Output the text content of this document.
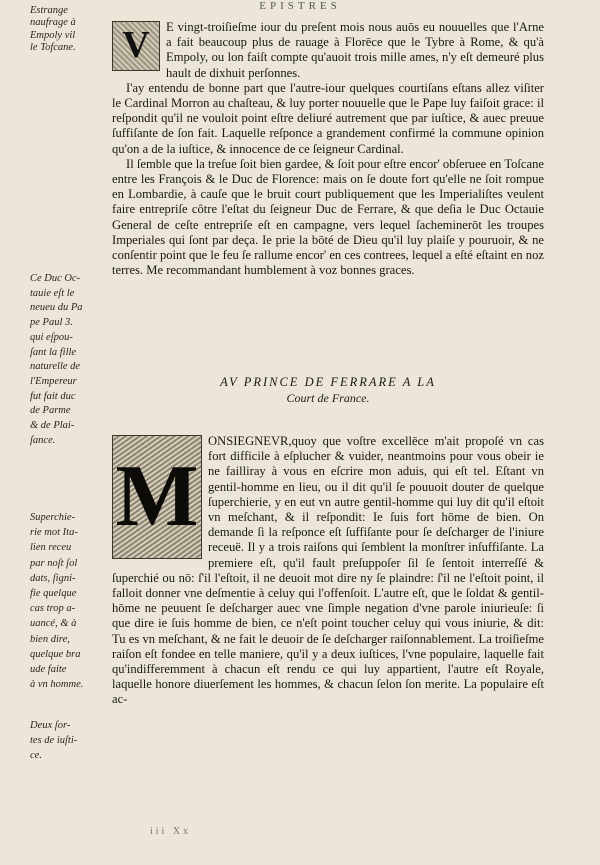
EPISTRES
Estrange
naufrage à
Empoly vil
le Tofcane.
Ce Duc Oc-
tauie eſt le
neueu du Pa
pe Paul 3.
qui eſpou-
ſant la fille
naturelle de
l'Empereur
fut fait duc
de Parme
& de Plai-
ſance.
Superchie-
rie mot Ita-
lien receu
par noſt ſol
dats, ſigni-
fie quelque
cas trop a-
uancé, & à
bien dire,
quelque bra
ude faite
à vn homme.
Deux ſor-
tes de iuſti-
ce.

V	E vingt-troiſieſme iour du preſent mois nous auōs eu nouuelles que l'Arne a fait beaucoup plus de rauage à Florēce que le Tybre à Rome, & qu'à Empoly, ou lon faiſt compte qu'auoit trois mille ames, n'y eſt demeuré plus hault de dixhuit perſonnes.

I'ay entendu de bonne part que l'autre-iour quelques courtiſans eſtans allez viſiter le Cardinal Morron au chaſteau, & luy porter nouuelle que le Pape luy faiſoit grace: il reſpondit qu'il ne vouloit point eſtre deliuré autrement que par iuſtice, & auec preuue ſuffiſante de ſon fait. Laquelle reſponce a grandement confirmé la commune opinion qu'on a de la iuſtice, & innocence de ce ſeigneur Cardinal.

Il ſemble que la treſue ſoit bien gardee, & ſoit pour eſtre encor' obſeruee en Toſcane entre les François & le Duc de Florence: mais on ſe doute fort qu'elle ne ſoit rompue en Lombardie, à cauſe que le bruit court publiquement que les Imperialiſtes veulent faire entrepriſe côtre l'eſtat du ſeigneur Duc de Ferrare, & que deſia le Duc Octauie General de ceſte entrepriſe eſt en campagne, vers lequel ſacheminerōt les troupes Imperiales qui ſont par deça. Ie prie la bōté de Dieu qu'il luy plaiſe y pouruoir, & ne conſentir point que le feu ſe rallume encor' en ces contrees, lequel a eſté eſtaint en noz terres. Me recommandant humblement à voz bonnes graces.

AV PRINCE DE FERRARE A LA
Court de France.

M
ONSIEGNEVR,quoy que voſtre excellēce m'ait propoſé vn cas fort difficile à eſplucher & vuider, neantmoins pour vous obeir ie ne failliray à vous en eſcrire mon aduis, qui eſt tel. Eſtant vn gentil-homme en lieu, ou il dit qu'il ſe pouuoit douter de quelque ſuperchierie, y en eut vn autre gentil-homme qui luy dit qu'il eſtoit vn meſchant, & il reſpondit: Ie ſuis fort hōme de bien. On demande ſi la reſponce eſt ſuffiſante pour ſe deſcharger de l'iniure receuë. Il y a trois raiſons qui ſemblent la monſtrer inſuffiſante. La premiere eſt, qu'il fault preſuppoſer ſil ſe ſentoit interreſſé & ſuperchié ou nō: ſ'il l'eſtoit, il ne deuoit mot dire ny ſe plaindre: ſ'il ne l'eſtoit point, il falloit donner vne deſmentie à celuy qui l'offenſoit. L'autre eſt, que le ſoldat & gentil-hōme ne peuuent ſe deſcharger auec vne ſimple negation d'vne parole iniurieuſe: ſi que dire ie ſuis homme de bien, ce n'eſt point toucher celuy qui vous iniurie, & dit: Tu es vn meſchant, & ne fait le deuoir de ſe deſcharger raiſonnablement. La troiſieſme raiſon eſt fondee en telle maniere, qu'il y a deux iuſtices, l'vne populaire, laquelle fait qu'indifferemment à chacun eſt rendu ce qui luy appartient, l'autre eſt Royale, laquelle honore diuerſement les hommes, & chacun ſelon ſon merite. La populaire eſt ac-

iii Xx
